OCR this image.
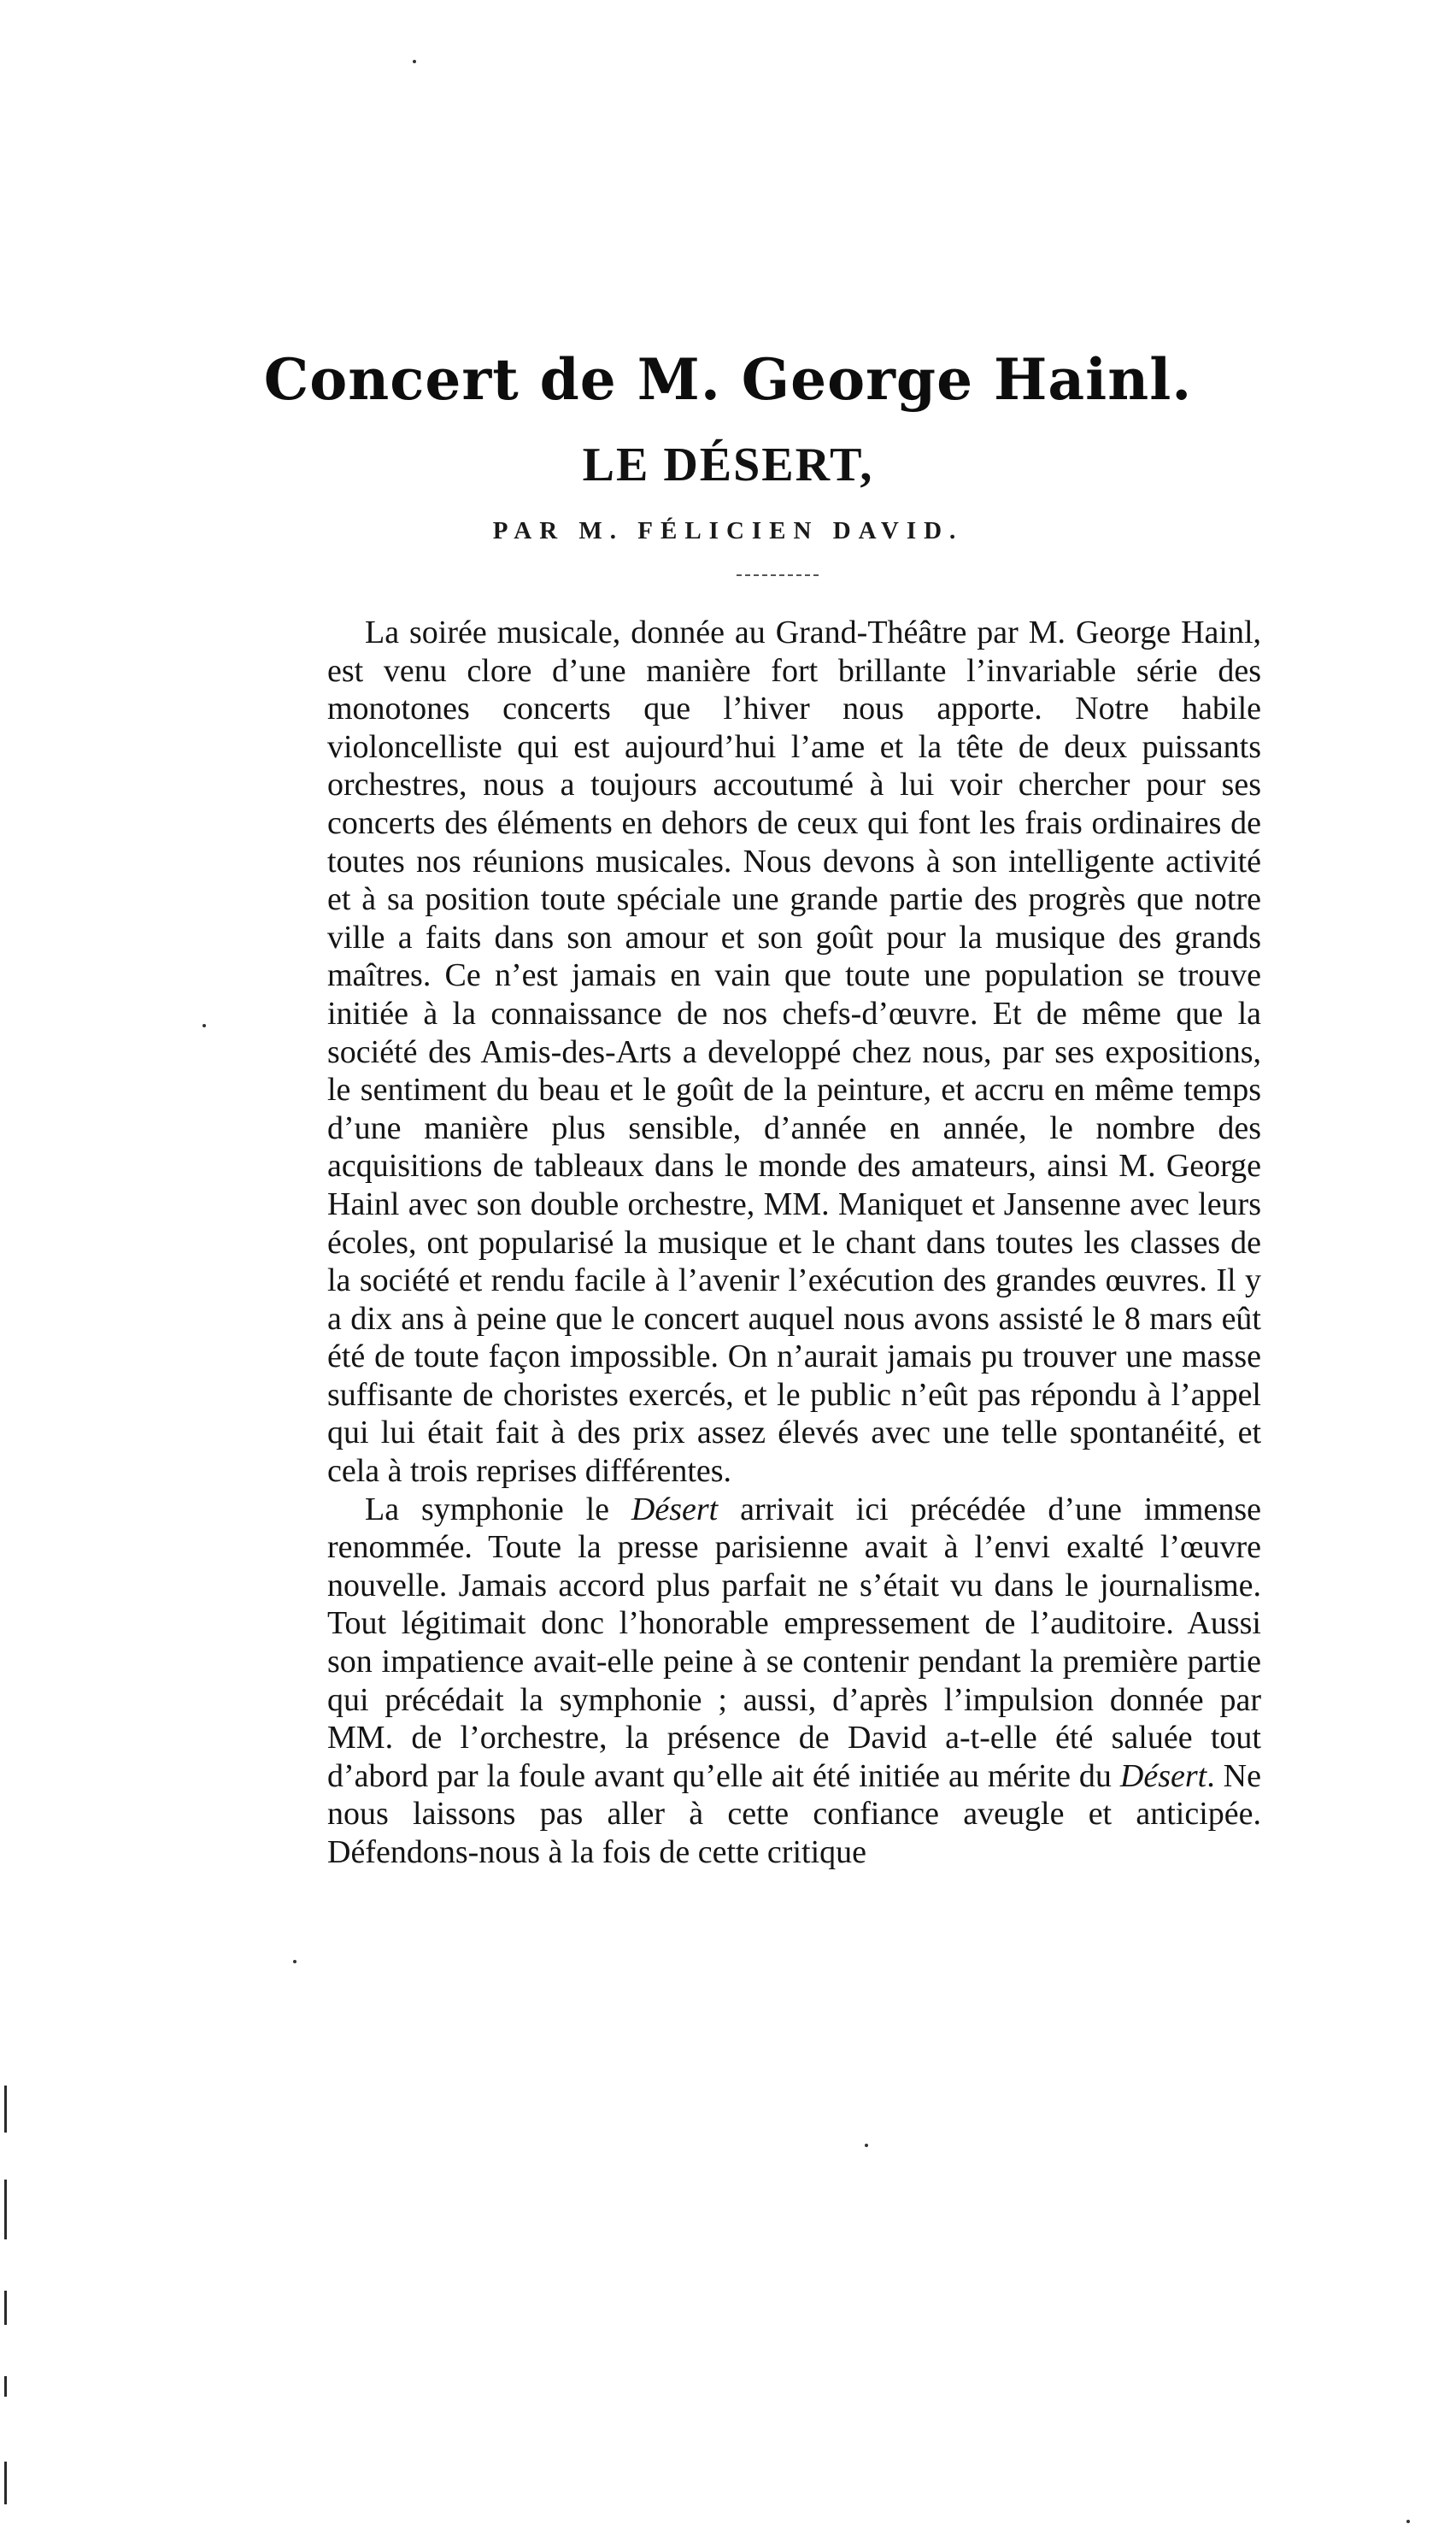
Concert de M. George Hainl.
LE DÉSERT,
PAR M. FÉLICIEN DAVID.

La soirée musicale, donnée au Grand-Théâtre par M. George Hainl, est venu clore d’une manière fort brillante l’invariable série des monotones concerts que l’hiver nous apporte. Notre habile violoncelliste qui est aujourd’hui l’ame et la tête de deux puissants orchestres, nous a toujours accoutumé à lui voir chercher pour ses concerts des éléments en dehors de ceux qui font les frais ordinaires de toutes nos réunions musicales. Nous devons à son intelligente activité et à sa position toute spéciale une grande partie des progrès que notre ville a faits dans son amour et son goût pour la musique des grands maîtres. Ce n’est jamais en vain que toute une population se trouve initiée à la connaissance de nos chefs-d’œuvre. Et de même que la société des Amis-des-Arts a developpé chez nous, par ses expositions, le sentiment du beau et le goût de la peinture, et accru en même temps d’une manière plus sensible, d’année en année, le nombre des acquisitions de tableaux dans le monde des amateurs, ainsi M. George Hainl avec son double orchestre, MM. Maniquet et Jansenne avec leurs écoles, ont popularisé la musique et le chant dans toutes les classes de la société et rendu facile à l’avenir l’exécution des grandes œuvres. Il y a dix ans à peine que le concert auquel nous avons assisté le 8 mars eût été de toute façon impossible. On n’aurait jamais pu trouver une masse suffisante de choristes exercés, et le public n’eût pas répondu à l’appel qui lui était fait à des prix assez élevés avec une telle spontanéité, et cela à trois reprises différentes.

La symphonie le Désert arrivait ici précédée d’une immense renommée. Toute la presse parisienne avait à l’envi exalté l’œuvre nouvelle. Jamais accord plus parfait ne s’était vu dans le journalisme. Tout légitimait donc l’honorable empressement de l’auditoire. Aussi son impatience avait-elle peine à se contenir pendant la première partie qui précédait la symphonie ; aussi, d’après l’impulsion donnée par MM. de l’orchestre, la présence de David a-t-elle été saluée tout d’abord par la foule avant qu’elle ait été initiée au mérite du Désert. Ne nous laissons pas aller à cette confiance aveugle et anticipée. Défendons-nous à la fois de cette critique
